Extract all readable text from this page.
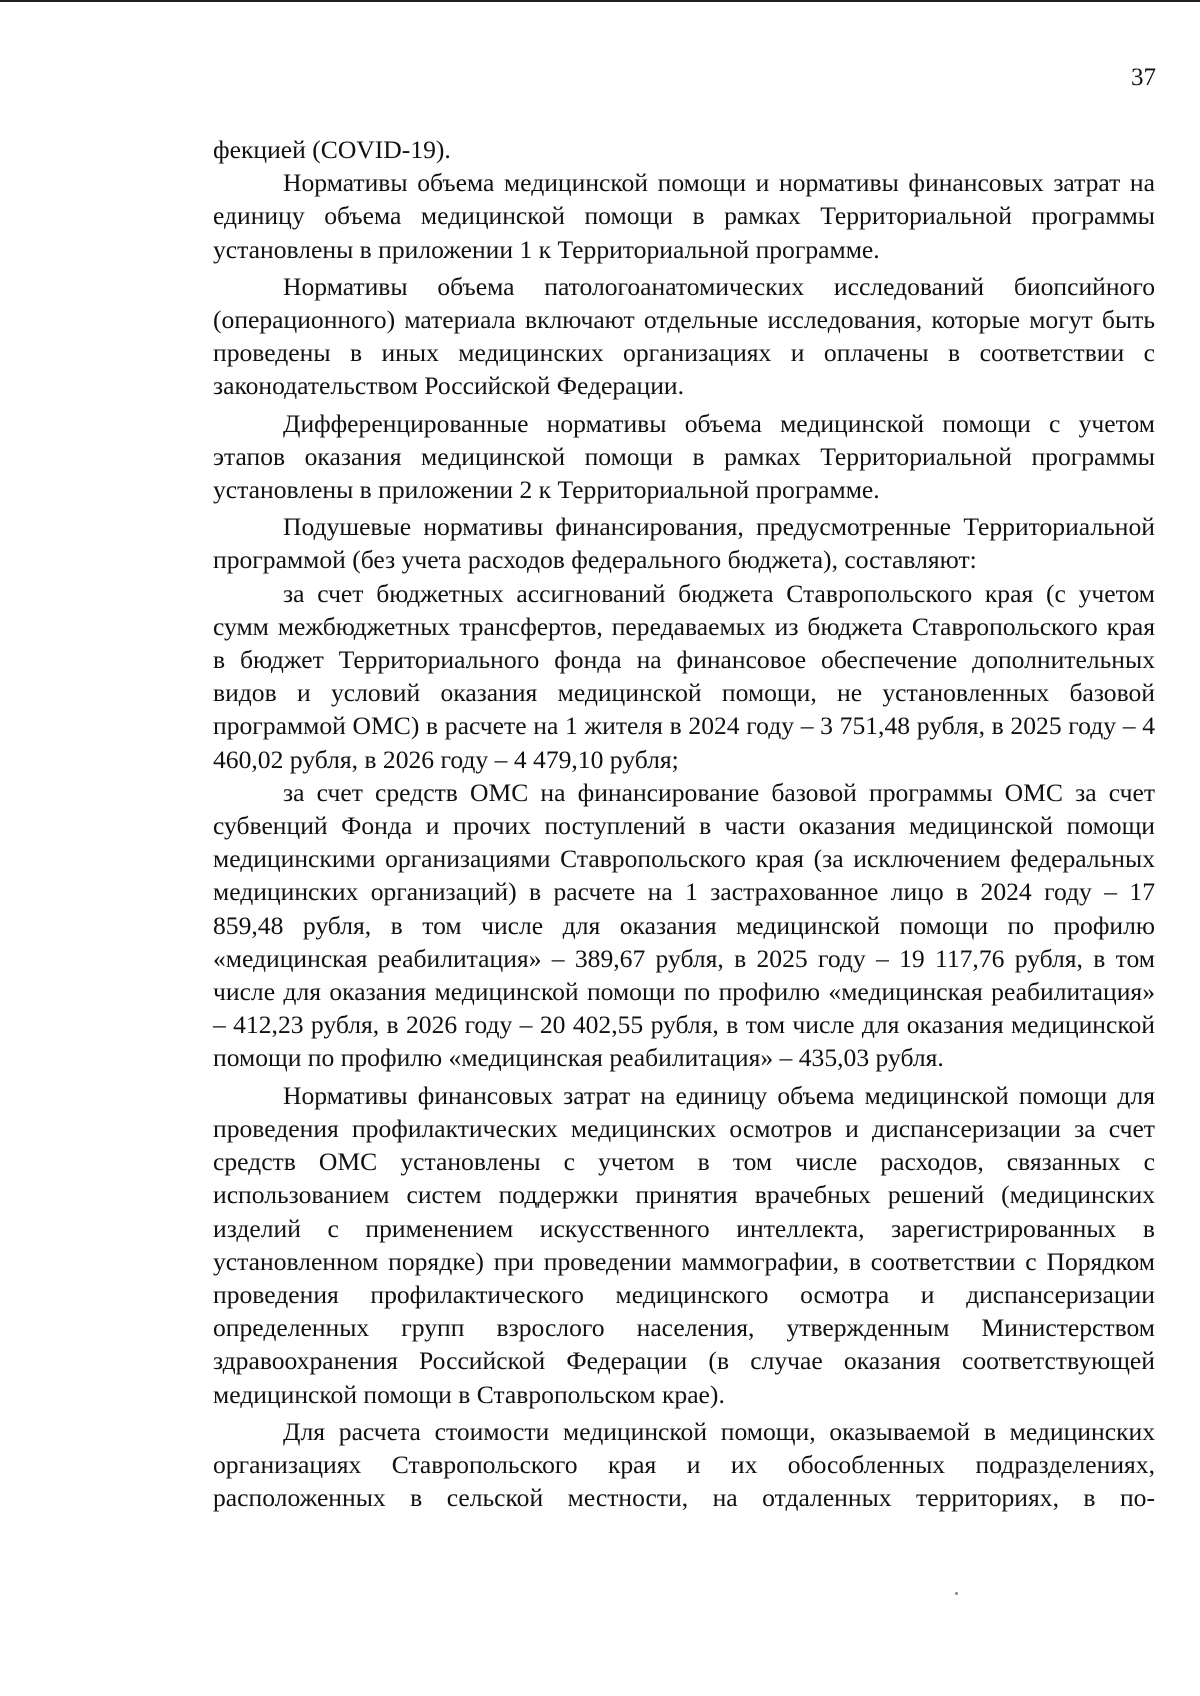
37

фекцией (COVID-19).

Нормативы объема медицинской помощи и нормативы финансовых затрат на единицу объема медицинской помощи в рамках Территориальной программы установлены в приложении 1 к Территориальной программе.

Нормативы объема патологоанатомических исследований биопсийного (операционного) материала включают отдельные исследования, которые могут быть проведены в иных медицинских организациях и оплачены в соответствии с законодательством Российской Федерации.

Дифференцированные нормативы объема медицинской помощи с учетом этапов оказания медицинской помощи в рамках Территориальной программы установлены в приложении 2 к Территориальной программе.

Подушевые нормативы финансирования, предусмотренные Территориальной программой (без учета расходов федерального бюджета), составляют:

за счет бюджетных ассигнований бюджета Ставропольского края (с учетом сумм межбюджетных трансфертов, передаваемых из бюджета Ставропольского края в бюджет Территориального фонда на финансовое обеспечение дополнительных видов и условий оказания медицинской помощи, не установленных базовой программой ОМС) в расчете на 1 жителя в 2024 году – 3 751,48 рубля, в 2025 году – 4 460,02 рубля, в 2026 году – 4 479,10 рубля;

за счет средств ОМС на финансирование базовой программы ОМС за счет субвенций Фонда и прочих поступлений в части оказания медицинской помощи медицинскими организациями Ставропольского края (за исключением федеральных медицинских организаций) в расчете на 1 застрахованное лицо в 2024 году – 17 859,48 рубля, в том числе для оказания медицинской помощи по профилю «медицинская реабилитация» – 389,67 рубля, в 2025 году – 19 117,76 рубля, в том числе для оказания медицинской помощи по профилю «медицинская реабилитация» – 412,23 рубля, в 2026 году – 20 402,55 рубля, в том числе для оказания медицинской помощи по профилю «медицинская реабилитация» – 435,03 рубля.

Нормативы финансовых затрат на единицу объема медицинской помощи для проведения профилактических медицинских осмотров и диспансеризации за счет средств ОМС установлены с учетом в том числе расходов, связанных с использованием систем поддержки принятия врачебных решений (медицинских изделий с применением искусственного интеллекта, зарегистрированных в установленном порядке) при проведении маммографии, в соответствии с Порядком проведения профилактического медицинского осмотра и диспансеризации определенных групп взрослого населения, утвержденным Министерством здравоохранения Российской Федерации (в случае оказания соответствующей медицинской помощи в Ставропольском крае).

Для расчета стоимости медицинской помощи, оказываемой в медицинских организациях Ставропольского края и их обособленных подразделениях, расположенных в сельской местности, на отдаленных территориях, в по-
